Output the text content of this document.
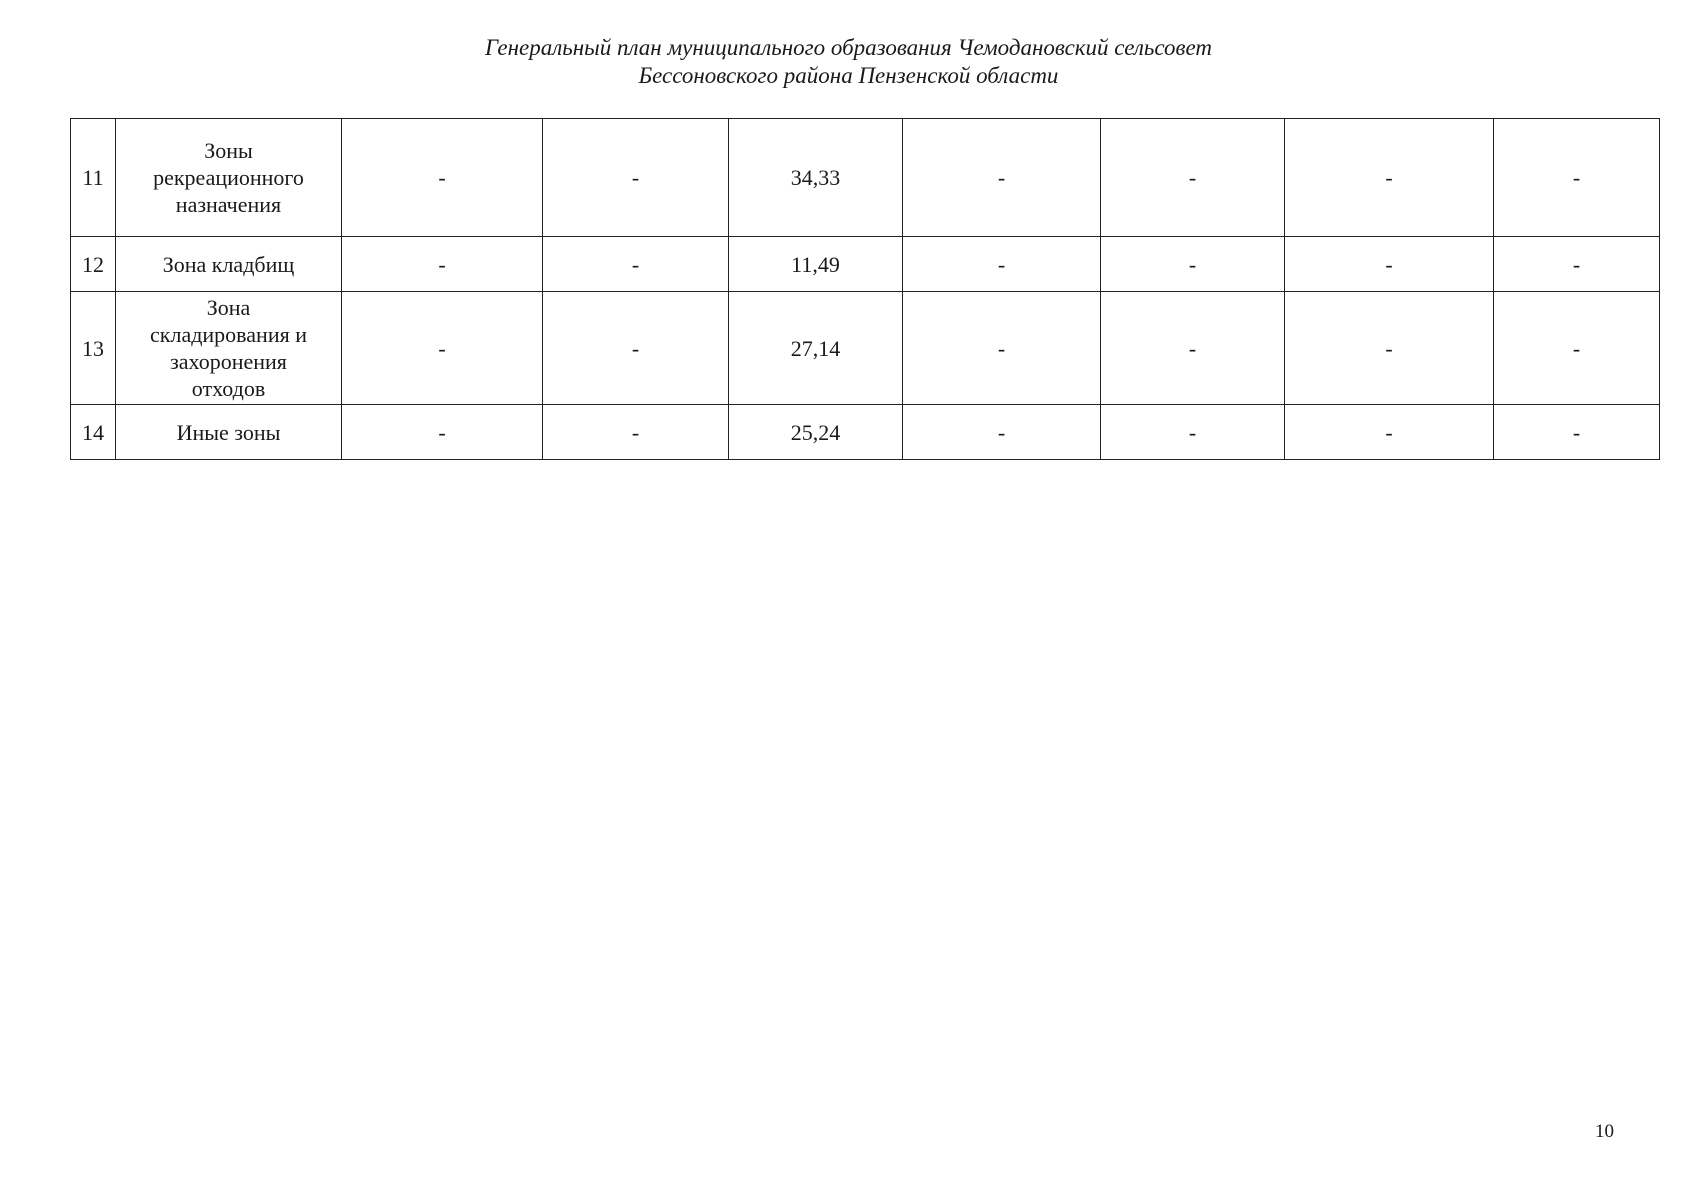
Генеральный план муниципального образования Чемодановский сельсовет
Бессоновского района Пензенской области
11	Зоны
рекреационного
назначения	-	-	34,33	-	-	-	-
12	Зона кладбищ	-	-	11,49	-	-	-	-
13	Зона
складирования и
захоронения
отходов	-	-	27,14	-	-	-	-
14	Иные зоны	-	-	25,24	-	-	-	-
10
